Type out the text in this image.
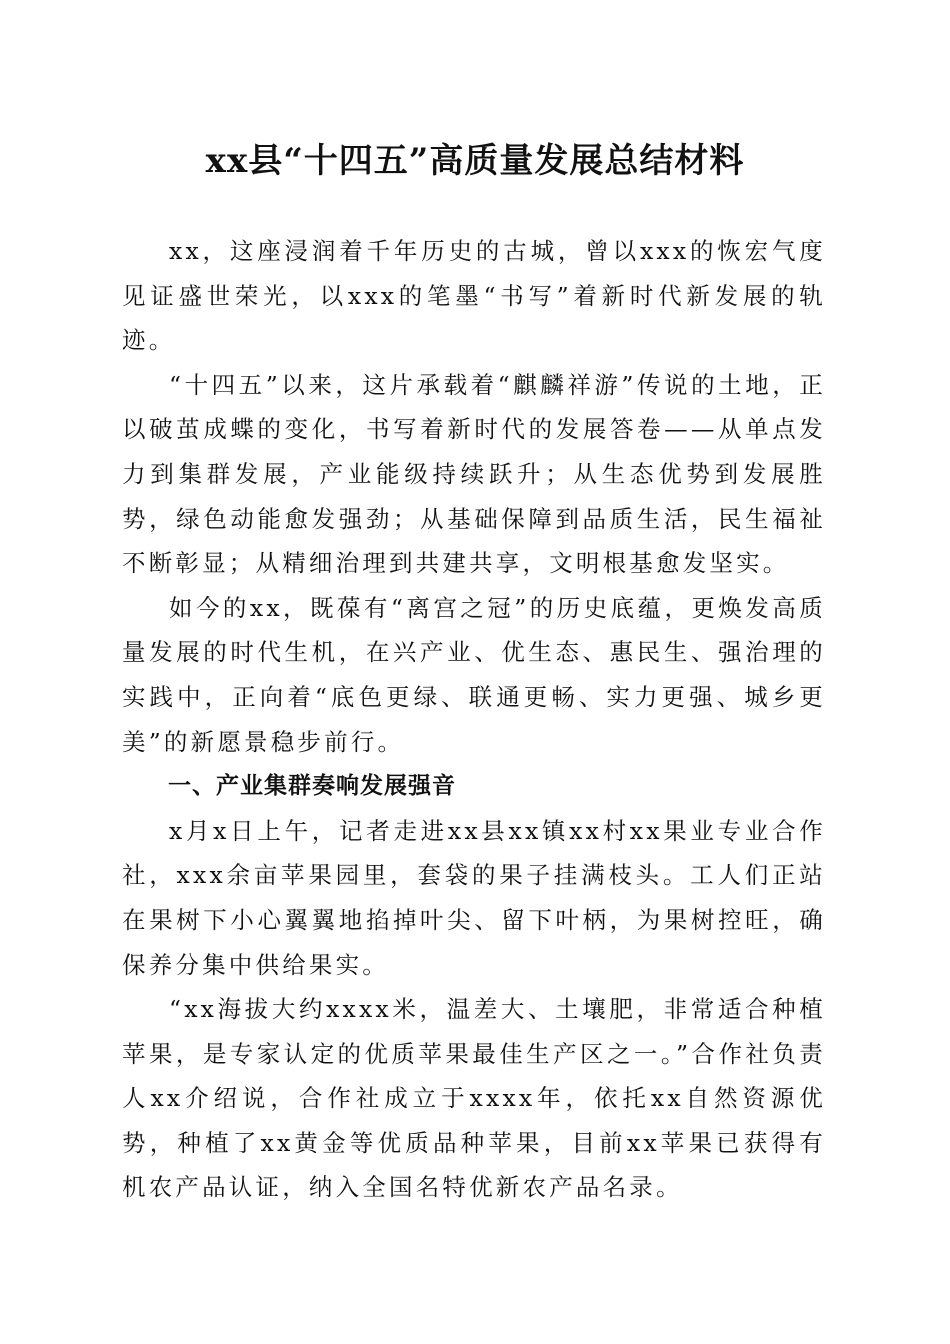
xx县“十四五”高质量发展总结材料

xx，这座浸润着千年历史的古城，曾以xxx的恢宏气度见证盛世荣光，以xxx的笔墨“书写”着新时代新发展的轨迹。

“十四五”以来，这片承载着“麒麟祥游”传说的土地，正以破茧成蝶的变化，书写着新时代的发展答卷——从单点发力到集群发展，产业能级持续跃升；从生态优势到发展胜势，绿色动能愈发强劲；从基础保障到品质生活，民生福祉不断彰显；从精细治理到共建共享，文明根基愈发坚实。

如今的xx，既葆有“离宫之冠”的历史底蕴，更焕发高质量发展的时代生机，在兴产业、优生态、惠民生、强治理的实践中，正向着“底色更绿、联通更畅、实力更强、城乡更美”的新愿景稳步前行。

一、产业集群奏响发展强音

x月x日上午，记者走进xx县xx镇xx村xx果业专业合作社，xxx余亩苹果园里，套袋的果子挂满枝头。工人们正站在果树下小心翼翼地掐掉叶尖、留下叶柄，为果树控旺，确保养分集中供给果实。

“xx海拔大约xxxx米，温差大、土壤肥，非常适合种植苹果，是专家认定的优质苹果最佳生产区之一。”合作社负责人xx介绍说，合作社成立于xxxx年，依托xx自然资源优势，种植了xx黄金等优质品种苹果，目前xx苹果已获得有机农产品认证，纳入全国名特优新农产品名录。
